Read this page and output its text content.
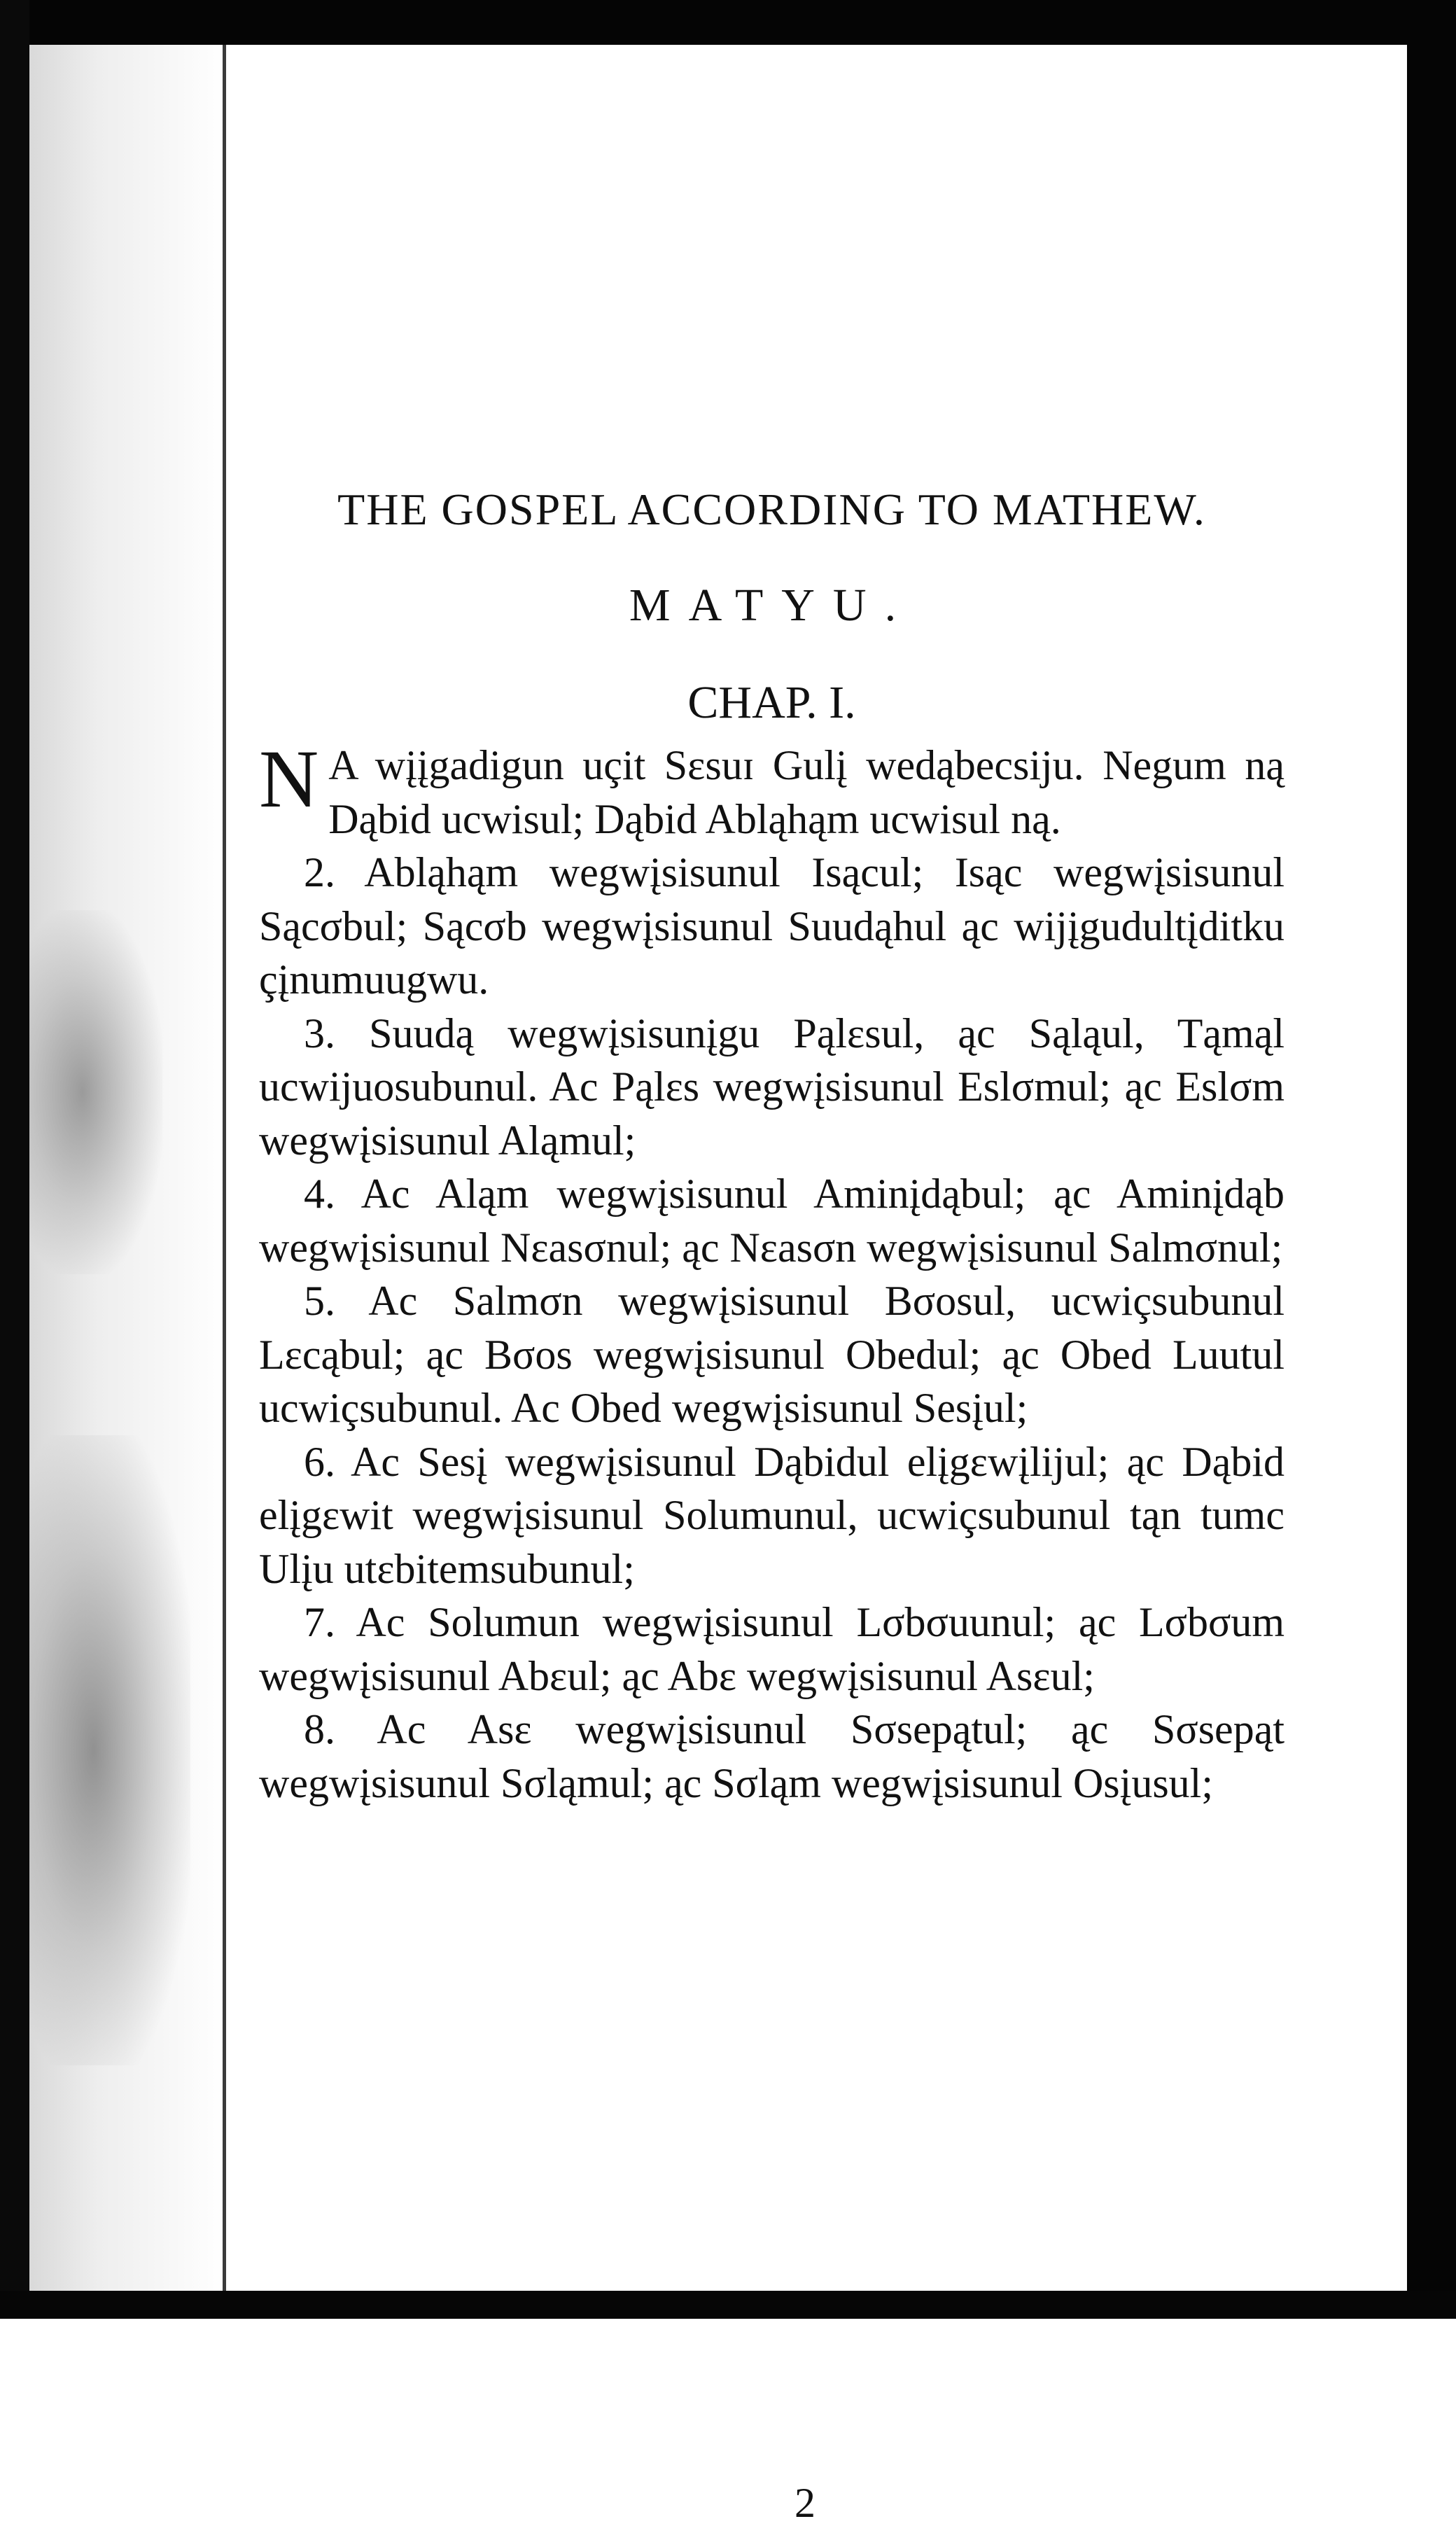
THE GOSPEL ACCORDING TO MATHEW.
MATYU.
CHAP. I.

N A wįįgadigun uçit Sɛsuɪ Gulį wedąbecsiju. Negum ną Dąbid ucwisul; Dąbid Abląhąm ucwisul ną.

2. Abląhąm wegwįsisunul Isącul; Isąc wegwįsisunul Sącσbul; Sącσb wegwįsisunul Suudąhul ąc wijįgudultįditku çįnumuugwu.

3. Suudą wegwįsisunįgu Pąlɛsul, ąc Sąląul, Tąmąl ucwijuosubunul. Ac Pąlɛs wegwįsisunul Eslσmul; ąc Eslσm wegwįsisunul Aląmul;

4. Ac Aląm wegwįsisunul Aminįdąbul; ąc Aminįdąb wegwįsisunul Nɛasσnul; ąc Nɛasσn wegwįsisunul Salmσnul;

5. Ac Salmσn wegwįsisunul Bσosul, ucwiçsubunul Lɛcąbul; ąc Bσos wegwįsisunul Obedul; ąc Obed Luutul ucwiçsubunul. Ac Obed wegwįsisunul Sesįul;

6. Ac Sesį wegwįsisunul Dąbidul elįgɛwįlijul; ąc Dąbid elįgɛwit wegwįsisunul Solumunul, ucwiçsubunul tąn tumc Ulįu utɛbitemsubunul;

7. Ac Solumun wegwįsisunul Lσbσuunul; ąc Lσbσum wegwįsisunul Abɛul; ąc Abɛ wegwįsisunul Asɛul;

8. Ac Asɛ wegwįsisunul Sσsepątul; ąc Sσsepąt wegwįsisunul Sσląmul; ąc Sσląm wegwįsisunul Osįusul;

2
